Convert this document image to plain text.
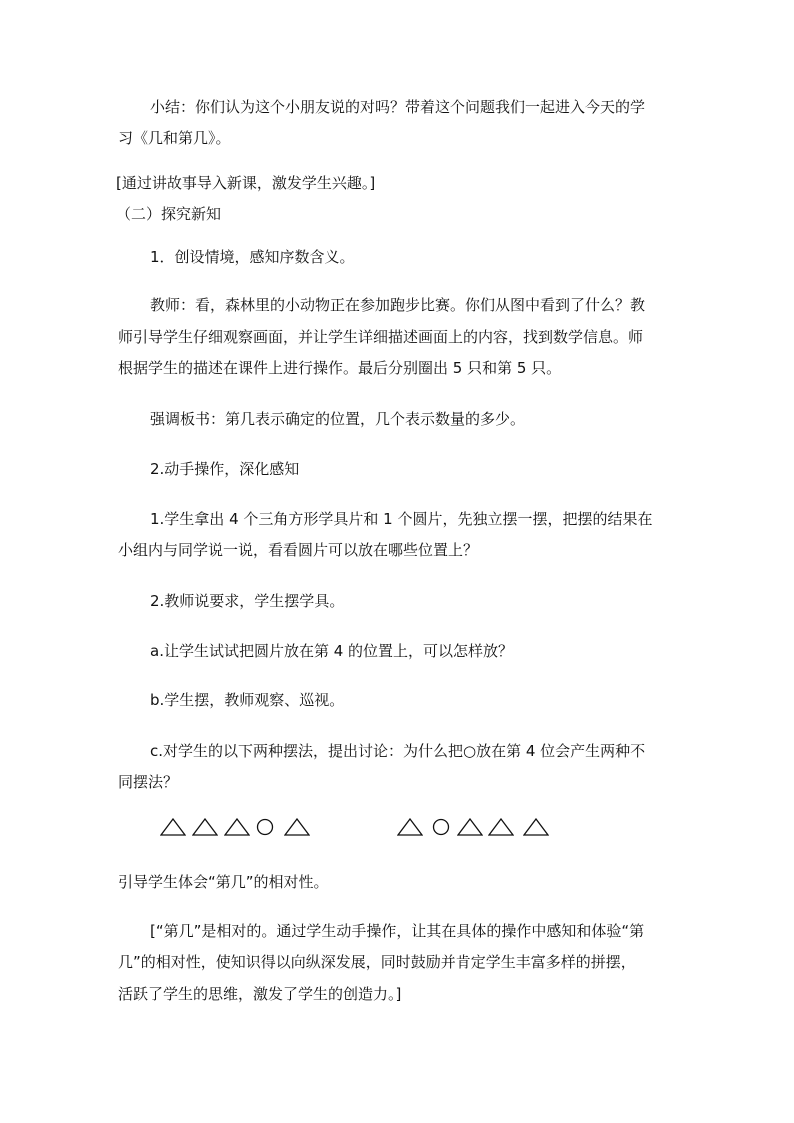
小结：你们认为这个小朋友说的对吗？带着这个问题我们一起进入今天的学
习《几和第几》。
[通过讲故事导入新课，激发学生兴趣。]
（二）探究新知
1．创设情境，感知序数含义。
教师：看，森林里的小动物正在参加跑步比赛。你们从图中看到了什么？教
师引导学生仔细观察画面，并让学生详细描述画面上的内容，找到数学信息。师
根据学生的描述在课件上进行操作。最后分别圈出 5 只和第 5 只。
强调板书：第几表示确定的位置，几个表示数量的多少。
2.动手操作，深化感知
1.学生拿出 4 个三角方形学具片和 1 个圆片，先独立摆一摆，把摆的结果在
小组内与同学说一说，看看圆片可以放在哪些位置上？
2.教师说要求，学生摆学具。
a.让学生试试把圆片放在第 4 的位置上，可以怎样放？
b.学生摆，教师观察、巡视。
c.对学生的以下两种摆法，提出讨论：为什么把○放在第 4 位会产生两种不
同摆法？
引导学生体会“第几”的相对性。
[“第几”是相对的。通过学生动手操作，让其在具体的操作中感知和体验“第
几”的相对性，使知识得以向纵深发展，同时鼓励并肯定学生丰富多样的拼摆，
活跃了学生的思维，激发了学生的创造力。]
